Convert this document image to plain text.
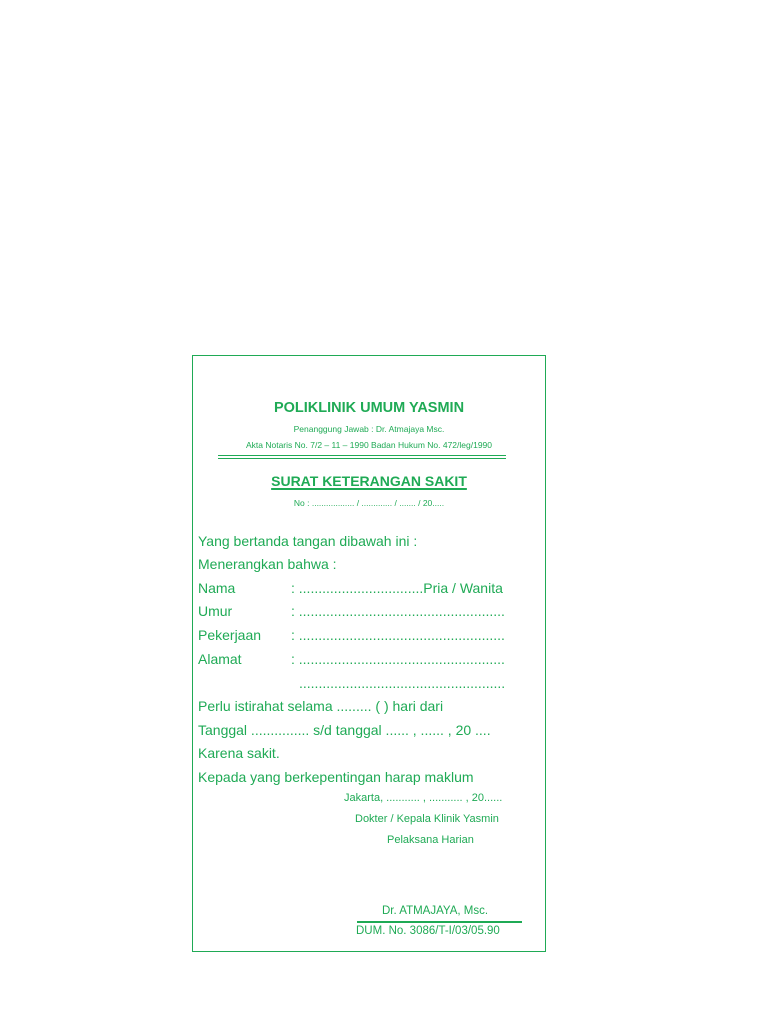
POLIKLINIK UMUM YASMIN
Penanggung Jawab : Dr. Atmajaya Msc.
Akta Notaris No. 7/2 – 11 – 1990 Badan Hukum No. 472/leg/1990
SURAT KETERANGAN SAKIT
No : .................. / ............. / ....... / 20.....
Yang bertanda tangan dibawah ini :
Menerangkan bahwa :
Nama	: ................................Pria / Wanita
Umur	: .....................................................
Pekerjaan : .....................................................
Alamat	: .....................................................
.....................................................
Perlu istirahat selama ......... ( ) hari dari
Tanggal ............... s/d tanggal ...... , ...... , 20 ....
Karena sakit.
Kepada yang berkepentingan harap maklum
Jakarta, ........... , ........... , 20......
Dokter / Kepala Klinik Yasmin
Pelaksana Harian
Dr. ATMAJAYA, Msc.
DUM. No. 3086/T-I/03/05.90
